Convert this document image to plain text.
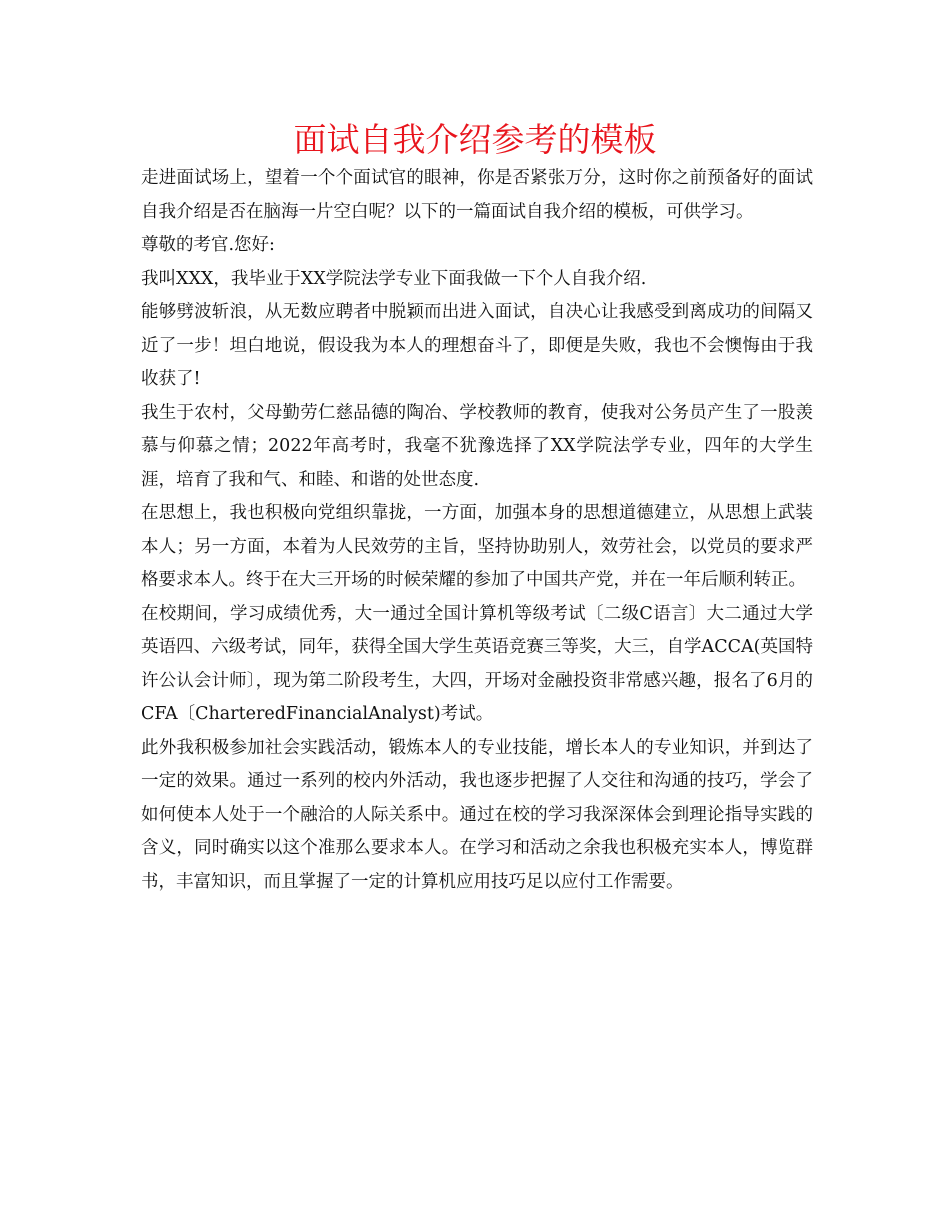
面试自我介绍参考的模板

走进面试场上，望着一个个面试官的眼神，你是否紧张万分，这时你之前预备好的面试自我介绍是否在脑海一片空白呢？以下的一篇面试自我介绍的模板，可供学习。

尊敬的考官.您好:

我叫XXX，我毕业于XX学院法学专业下面我做一下个人自我介绍.

能够劈波斩浪，从无数应聘者中脱颖而出进入面试，自决心让我感受到离成功的间隔又近了一步！坦白地说，假设我为本人的理想奋斗了，即便是失败，我也不会懊悔由于我收获了!

我生于农村，父母勤劳仁慈品德的陶冶、学校教师的教育，使我对公务员产生了一股羡慕与仰慕之情；2022年高考时，我毫不犹豫选择了XX学院法学专业，四年的大学生涯，培育了我和气、和睦、和谐的处世态度.

在思想上，我也积极向党组织靠拢，一方面，加强本身的思想道德建立，从思想上武装本人；另一方面，本着为人民效劳的主旨，坚持协助别人，效劳社会，以党员的要求严格要求本人。终于在大三开场的时候荣耀的参加了中国共产党，并在一年后顺利转正。

在校期间，学习成绩优秀，大一通过全国计算机等级考试〔二级C语言〕大二通过大学英语四、六级考试，同年，获得全国大学生英语竞赛三等奖，大三，自学ACCA(英国特许公认会计师〕，现为第二阶段考生，大四，开场对金融投资非常感兴趣，报名了6月的CFA〔CharteredFinancialAnalyst)考试。

此外我积极参加社会实践活动，锻炼本人的专业技能，增长本人的专业知识，并到达了一定的效果。通过一系列的校内外活动，我也逐步把握了人交往和沟通的技巧，学会了如何使本人处于一个融洽的人际关系中。通过在校的学习我深深体会到理论指导实践的含义，同时确实以这个准那么要求本人。在学习和活动之余我也积极充实本人，博览群书，丰富知识，而且掌握了一定的计算机应用技巧足以应付工作需要。
